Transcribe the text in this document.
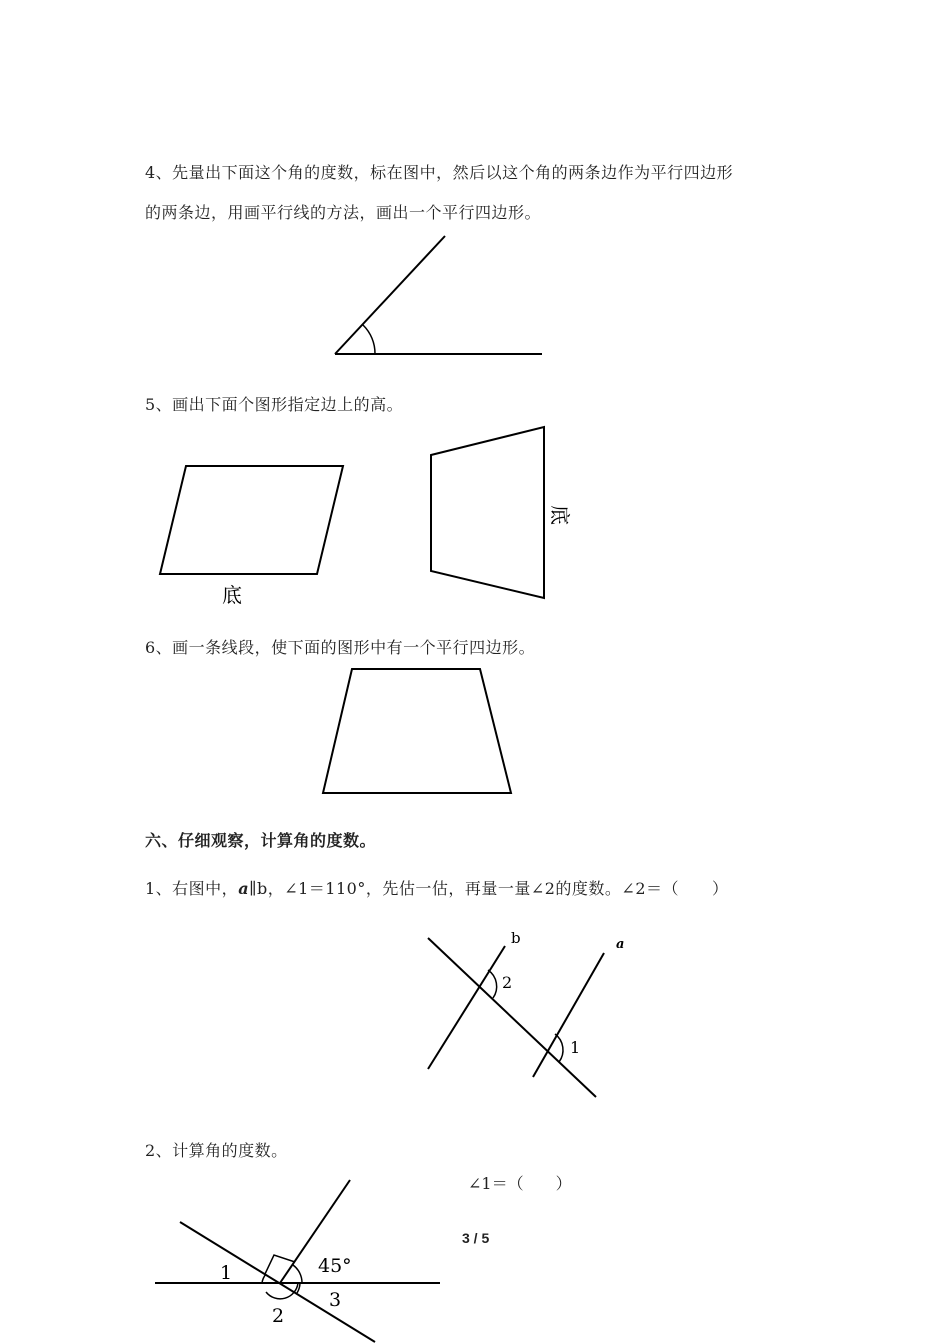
4、先量出下面这个角的度数，标在图中，然后以这个角的两条边作为平行四边形
的两条边，用画平行线的方法，画出一个平行四边形。
5、画出下面个图形指定边上的高。
6、画一条线段，使下面的图形中有一个平行四边形。
六、仔细观察，计算角的度数。
1、右图中，a∥b，∠1＝110°，先估一估，再量一量∠2的度数。∠2＝（　　）
2、计算角的度数。
∠1＝（　　）
3 / 5
底
底
b	a
2
1
1
2
3
45°
